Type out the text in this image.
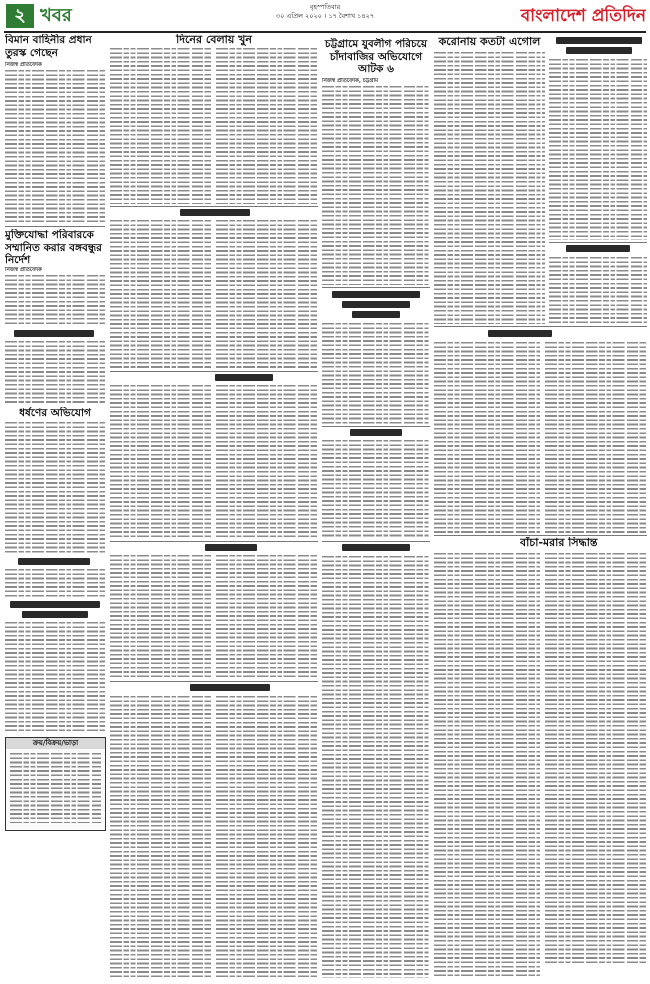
২ খবর	বৃহস্পতিবার
৩০ এপ্রিল ২০২০ । ১৭ বৈশাখ ১৪২৭	বাংলাদেশ প্রতিদিন
বিমান বাহিনীর প্রধান তুরস্ক গেছেন
নিজস্ব প্রতিবেদক
মুক্তিযোদ্ধা পরিবারকে সম্মানিত করার বঙ্গবন্ধুর নির্দেশ
নিজস্ব প্রতিবেদক
ধর্ষণের অভিযোগ
ক্রয়/বিক্রয়/ভাড়া
দিনের বেলায় খুন	চট্টগ্রামে যুবলীগ পরিচয়ে চাঁদাবাজির অভিযোগে আটক ৬
নিজস্ব প্রতিবেদক, চট্টগ্রাম
করোনায় কতটা এগোল
বাঁচা-মরার সিদ্ধান্ত
